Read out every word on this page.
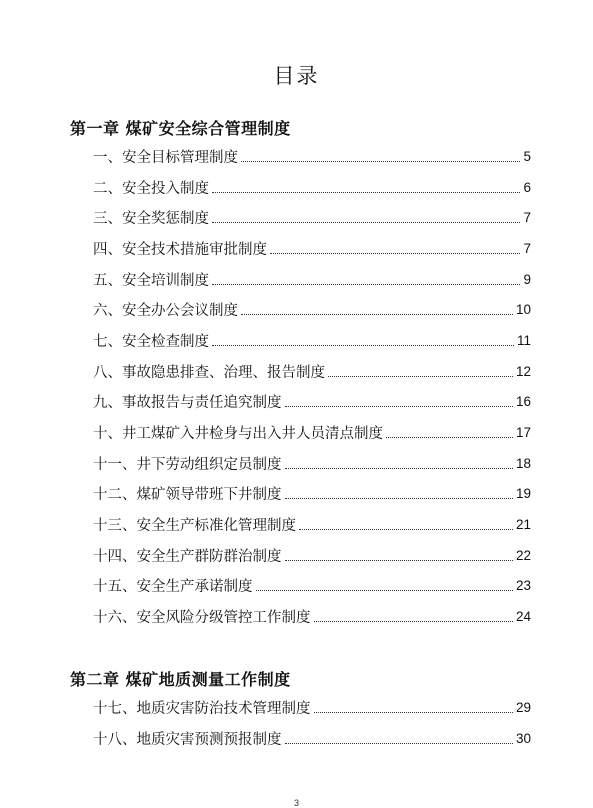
目录
第一章 煤矿安全综合管理制度
一、安全目标管理制度	5
二、安全投入制度	6
三、安全奖惩制度	7
四、安全技术措施审批制度	7
五、安全培训制度	9
六、安全办公会议制度	10
七、安全检查制度	11
八、事故隐患排查、治理、报告制度	12
九、事故报告与责任追究制度	16
十、井工煤矿入井检身与出入井人员清点制度	17
十一、井下劳动组织定员制度	18
十二、煤矿领导带班下井制度	19
十三、安全生产标准化管理制度	21
十四、安全生产群防群治制度	22
十五、安全生产承诺制度	23
十六、安全风险分级管控工作制度	24
第二章 煤矿地质测量工作制度
十七、地质灾害防治技术管理制度	29
十八、地质灾害预测预报制度	30
3
